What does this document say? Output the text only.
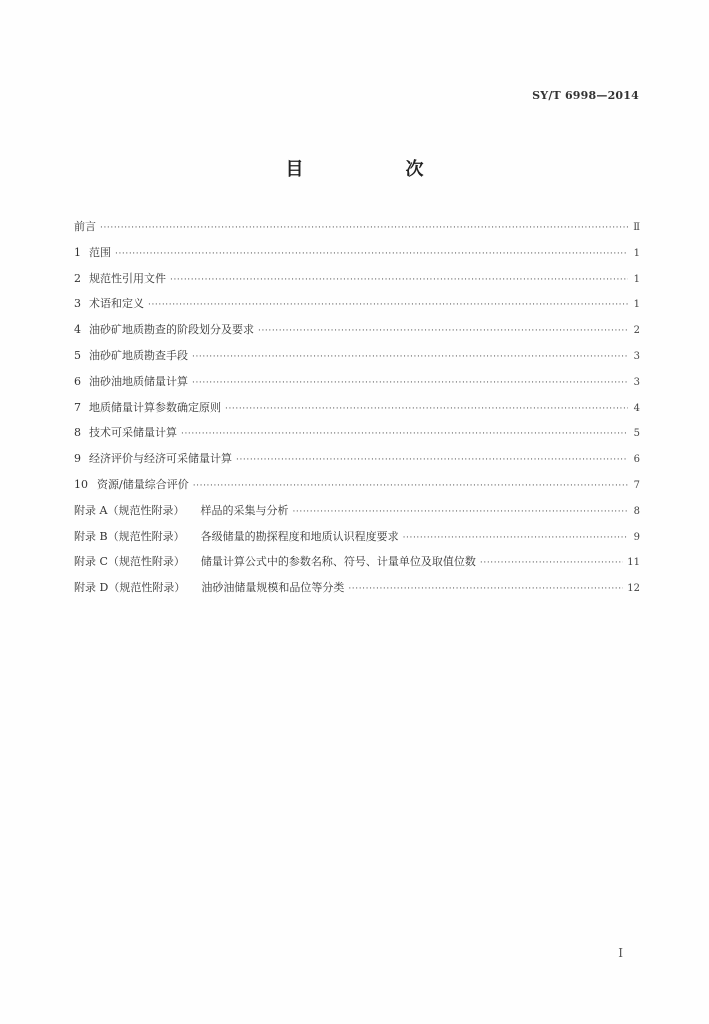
SY/T 6998—2014
目　次
前言 ·····	Ⅱ
1 范围 ·····	1
2 规范性引用文件 ·····	1
3 术语和定义 ·····	1
4 油砂矿地质勘查的阶段划分及要求 ·····	2
5 油砂矿地质勘查手段 ·····	3
6 油砂油地质储量计算 ·····	3
7 地质储量计算参数确定原则 ·····	4
8 技术可采储量计算 ·····	5
9 经济评价与经济可采储量计算 ·····	6
10 资源/储量综合评价 ·····	7
附录 A（规范性附录） 样品的采集与分析 ·····	8
附录 B（规范性附录） 各级储量的勘探程度和地质认识程度要求 ·····	9
附录 C（规范性附录） 储量计算公式中的参数名称、符号、计量单位及取值位数 ·····	11
附录 D（规范性附录） 油砂油储量规模和品位等分类 ·····	12
I
